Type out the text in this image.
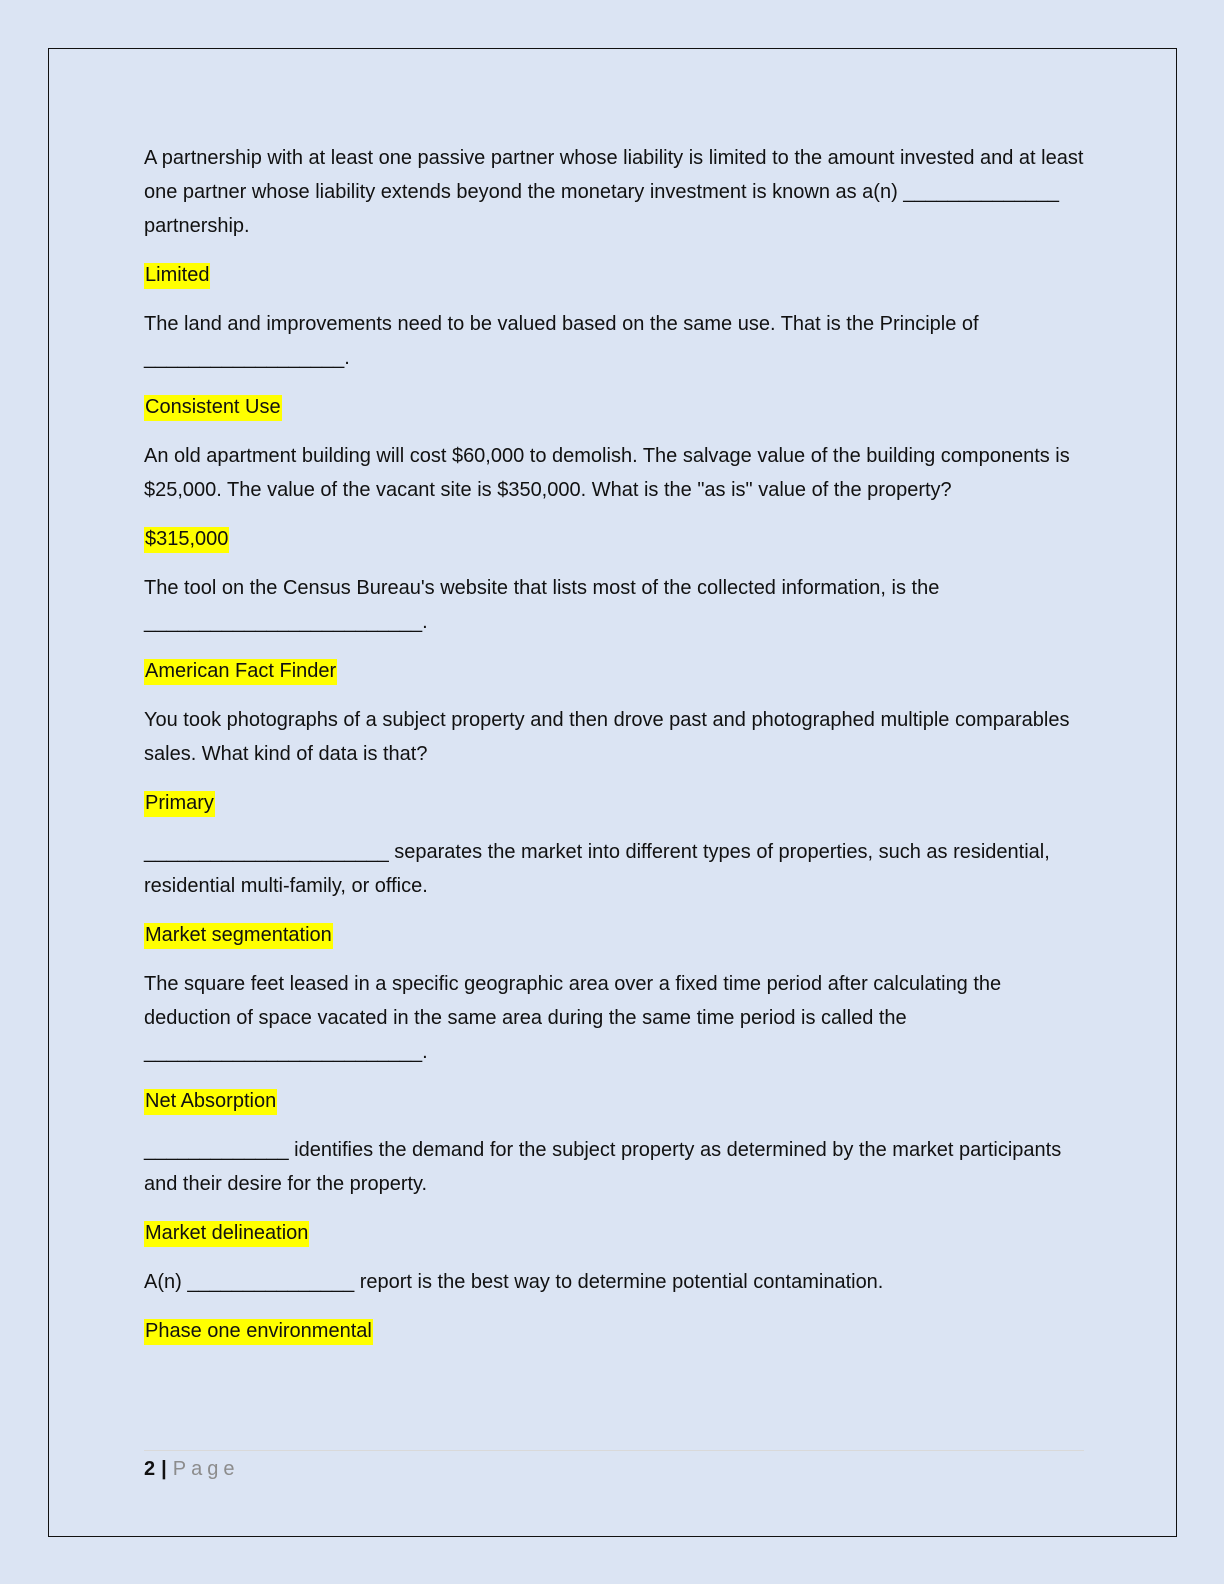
A partnership with at least one passive partner whose liability is limited to the amount invested and at least one partner whose liability extends beyond the monetary investment is known as a(n) ______________ partnership.

Limited

The land and improvements need to be valued based on the same use. That is the Principle of __________________.

Consistent Use

An old apartment building will cost $60,000 to demolish. The salvage value of the building components is $25,000. The value of the vacant site is $350,000. What is the "as is" value of the property?

$315,000

The tool on the Census Bureau's website that lists most of the collected information, is the _________________________.

American Fact Finder

You took photographs of a subject property and then drove past and photographed multiple comparables sales. What kind of data is that?

Primary

______________________ separates the market into different types of properties, such as residential, residential multi-family, or office.

Market segmentation

The square feet leased in a specific geographic area over a fixed time period after calculating the deduction of space vacated in the same area during the same time period is called the _________________________.

Net Absorption

_____________ identifies the demand for the subject property as determined by the market participants and their desire for the property.

Market delineation

A(n) _______________ report is the best way to determine potential contamination.

Phase one environmental

2 | Page
